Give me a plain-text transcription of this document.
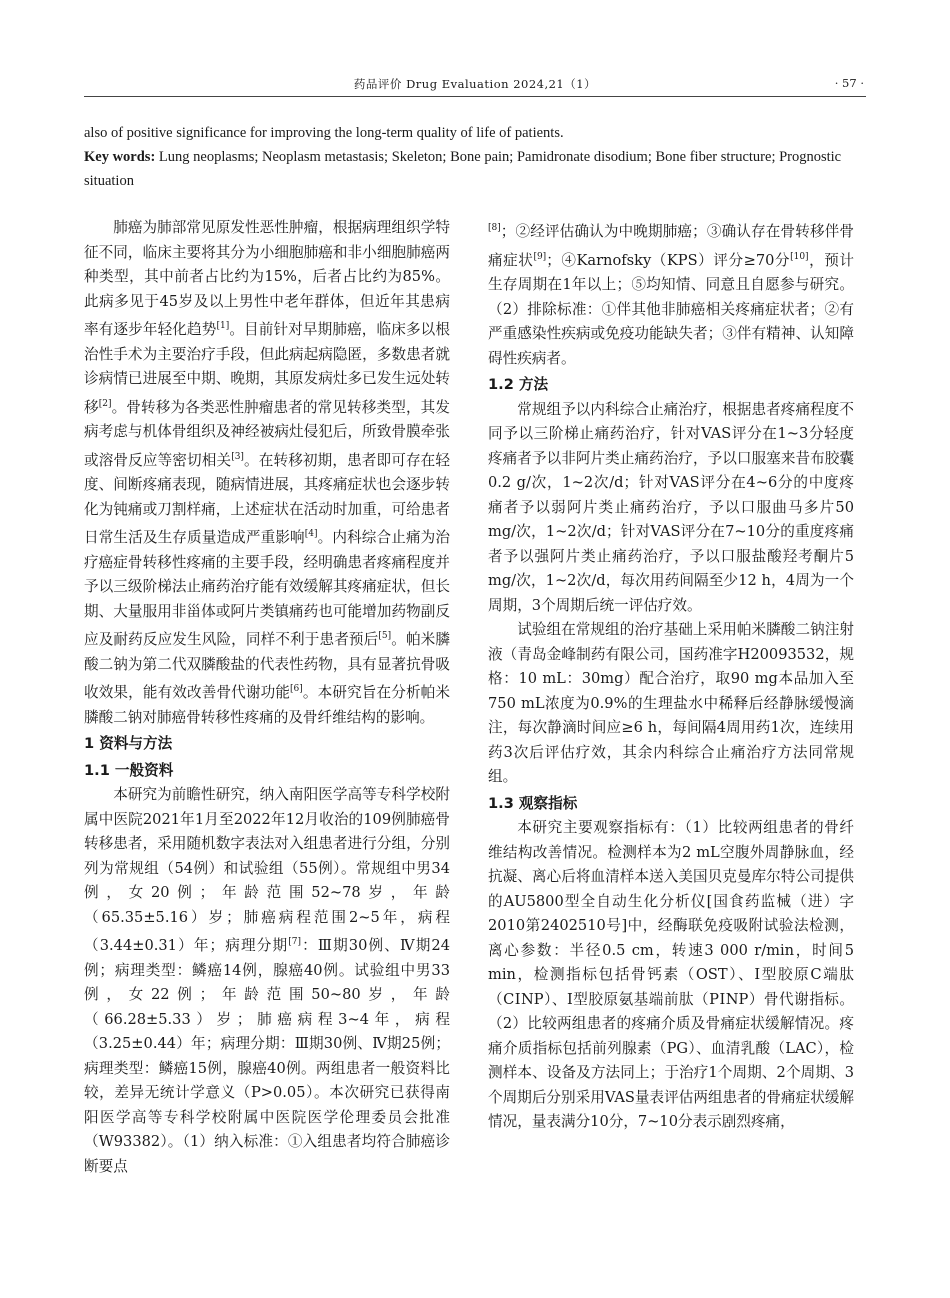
药品评价 Drug Evaluation 2024,21（1）	· 57 ·
also of positive significance for improving the long-term quality of life of patients.
Key words: Lung neoplasms; Neoplasm metastasis; Skeleton; Bone pain; Pamidronate disodium; Bone fiber structure; Prognostic situation

肺癌为肺部常见原发性恶性肿瘤，根据病理组织学特征不同，临床主要将其分为小细胞肺癌和非小细胞肺癌两种类型，其中前者占比约为15%，后者占比约为85%。此病多见于45岁及以上男性中老年群体，但近年其患病率有逐步年轻化趋势[1]。目前针对早期肺癌，临床多以根治性手术为主要治疗手段，但此病起病隐匿，多数患者就诊病情已进展至中期、晚期，其原发病灶多已发生远处转移[2]。骨转移为各类恶性肿瘤患者的常见转移类型，其发病考虑与机体骨组织及神经被病灶侵犯后，所致骨膜牵张或溶骨反应等密切相关[3]。在转移初期，患者即可存在轻度、间断疼痛表现，随病情进展，其疼痛症状也会逐步转化为钝痛或刀割样痛，上述症状在活动时加重，可给患者日常生活及生存质量造成严重影响[4]。内科综合止痛为治疗癌症骨转移性疼痛的主要手段，经明确患者疼痛程度并予以三级阶梯法止痛药治疗能有效缓解其疼痛症状，但长期、大量服用非甾体或阿片类镇痛药也可能增加药物副反应及耐药反应发生风险，同样不利于患者预后[5]。帕米膦酸二钠为第二代双膦酸盐的代表性药物，具有显著抗骨吸收效果，能有效改善骨代谢功能[6]。本研究旨在分析帕米膦酸二钠对肺癌骨转移性疼痛的及骨纤维结构的影响。

1 资料与方法
1.1 一般资料

本研究为前瞻性研究，纳入南阳医学高等专科学校附属中医院2021年1月至2022年12月收治的109例肺癌骨转移患者，采用随机数字表法对入组患者进行分组，分别列为常规组（54例）和试验组（55例）。常规组中男34例，女20例；年龄范围52~78岁，年龄（65.35±5.16）岁；肺癌病程范围2~5年，病程（3.44±0.31）年；病理分期[7]：Ⅲ期30例、Ⅳ期24例；病理类型：鳞癌14例，腺癌40例。试验组中男33例，女22例；年龄范围50~80岁，年龄（66.28±5.33）岁；肺癌病程3~4年，病程（3.25±0.44）年；病理分期：Ⅲ期30例、Ⅳ期25例；病理类型：鳞癌15例，腺癌40例。两组患者一般资料比较，差异无统计学意义（P>0.05）。本次研究已获得南阳医学高等专科学校附属中医院医学伦理委员会批准（W93382）。（1）纳入标准：①入组患者均符合肺癌诊断要点

[8]；②经评估确认为中晚期肺癌；③确认存在骨转移伴骨痛症状[9]；④Karnofsky（KPS）评分≥70分[10]，预计生存周期在1年以上；⑤均知情、同意且自愿参与研究。（2）排除标准：①伴其他非肺癌相关疼痛症状者；②有严重感染性疾病或免疫功能缺失者；③伴有精神、认知障碍性疾病者。

1.2 方法

常规组予以内科综合止痛治疗，根据患者疼痛程度不同予以三阶梯止痛药治疗，针对VAS评分在1~3分轻度疼痛者予以非阿片类止痛药治疗，予以口服塞来昔布胶囊0.2 g/次，1~2次/d；针对VAS评分在4~6分的中度疼痛者予以弱阿片类止痛药治疗，予以口服曲马多片50 mg/次，1~2次/d；针对VAS评分在7~10分的重度疼痛者予以强阿片类止痛药治疗，予以口服盐酸羟考酮片5 mg/次，1~2次/d，每次用药间隔至少12 h，4周为一个周期，3个周期后统一评估疗效。

试验组在常规组的治疗基础上采用帕米膦酸二钠注射液（青岛金峰制药有限公司，国药准字H20093532，规格：10 mL：30mg）配合治疗，取90 mg本品加入至750 mL浓度为0.9%的生理盐水中稀释后经静脉缓慢滴注，每次静滴时间应≥6 h，每间隔4周用药1次，连续用药3次后评估疗效，其余内科综合止痛治疗方法同常规组。

1.3 观察指标

本研究主要观察指标有：（1）比较两组患者的骨纤维结构改善情况。检测样本为2 mL空腹外周静脉血，经抗凝、离心后将血清样本送入美国贝克曼库尔特公司提供的AU5800型全自动生化分析仪[国食药监械（进）字2010第2402510号]中，经酶联免疫吸附试验法检测，离心参数：半径0.5 cm，转速3 000 r/min，时间5 min，检测指标包括骨钙素（OST）、Ⅰ型胶原C端肽（CⅠNP）、Ⅰ型胶原氨基端前肽（PⅠNP）骨代谢指标。（2）比较两组患者的疼痛介质及骨痛症状缓解情况。疼痛介质指标包括前列腺素（PG）、血清乳酸（LAC），检测样本、设备及方法同上；于治疗1个周期、2个周期、3个周期后分别采用VAS量表评估两组患者的骨痛症状缓解情况，量表满分10分，7~10分表示剧烈疼痛，
